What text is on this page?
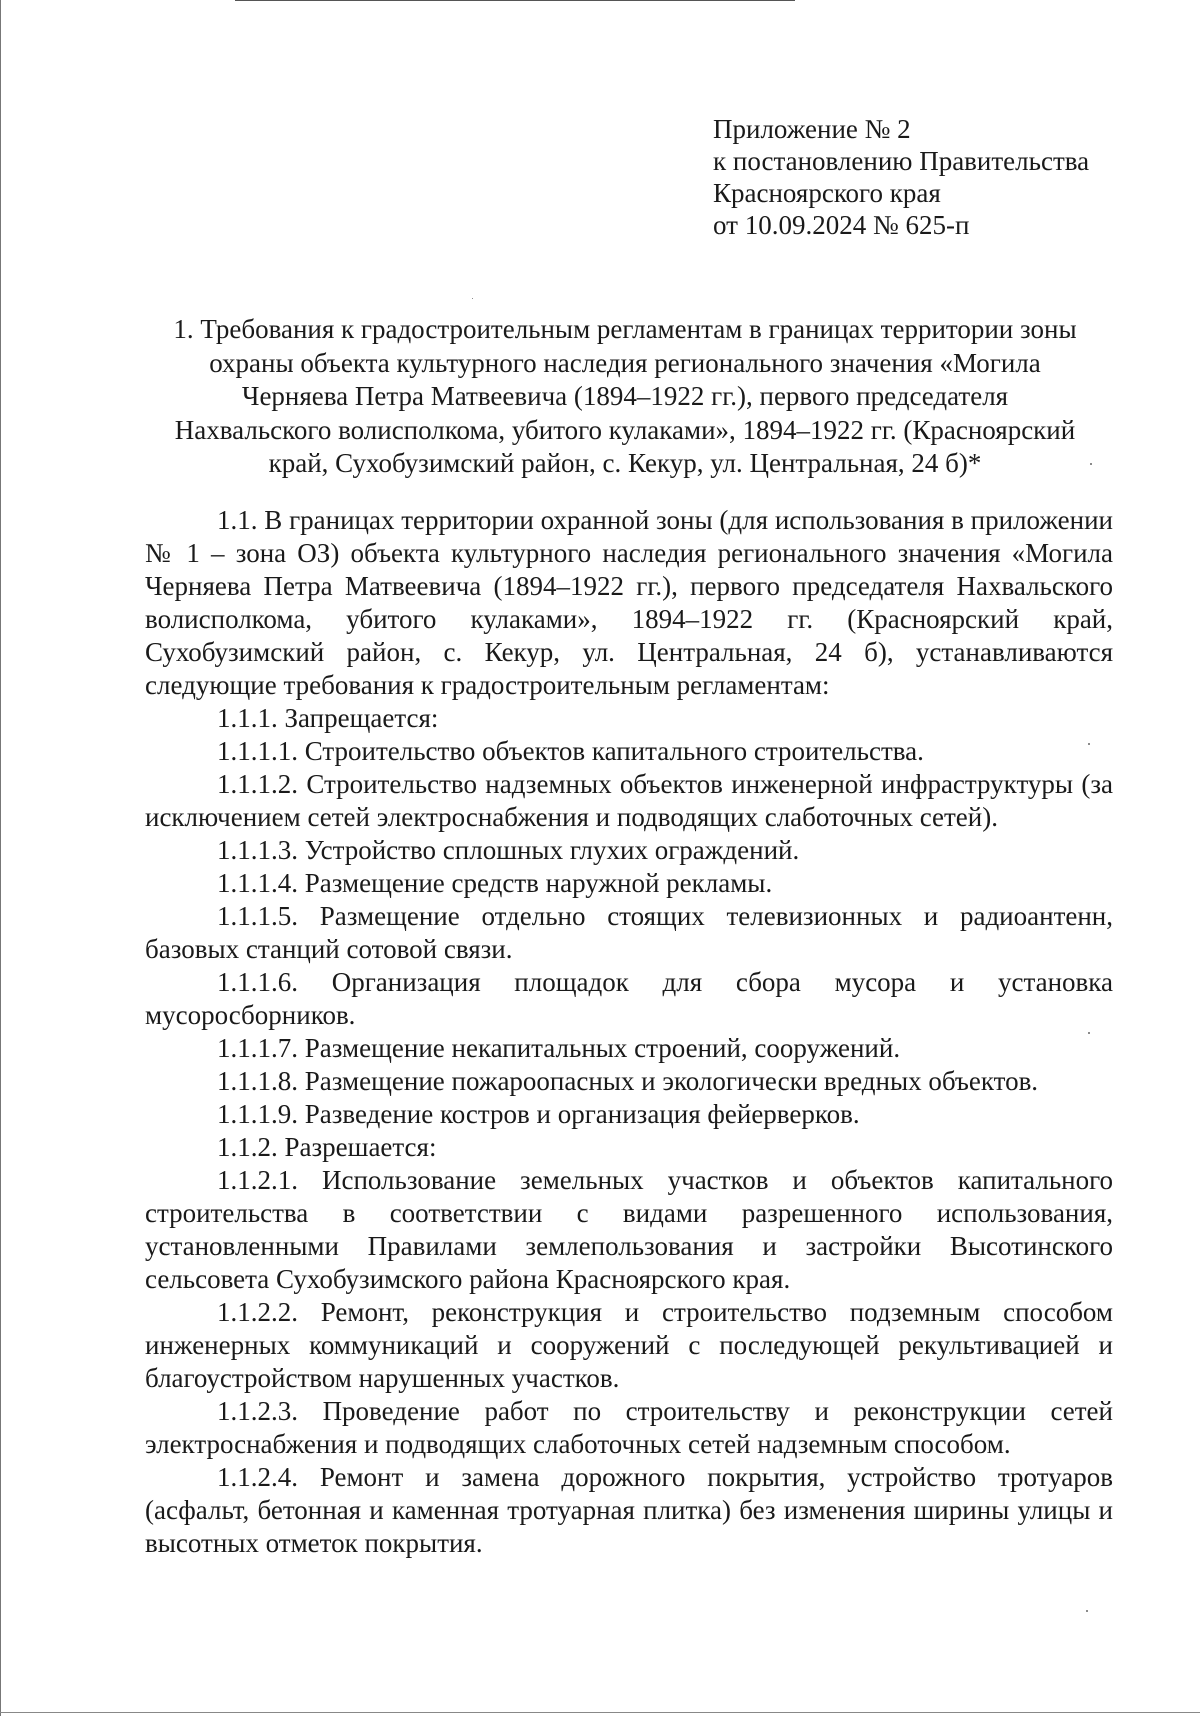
Приложение № 2
к постановлению Правительства
Красноярского края
от 10.09.2024 № 625-п
1. Требования к градостроительным регламентам в границах территории зоны
охраны объекта культурного наследия регионального значения «Могила
Черняева Петра Матвеевича (1894–1922 гг.), первого председателя
Нахвальского волисполкома, убитого кулаками», 1894–1922 гг. (Красноярский
край, Сухобузимский район, с. Кекур, ул. Центральная, 24 б)*

1.1. В границах территории охранной зоны (для использования в приложении № 1 – зона ОЗ) объекта культурного наследия регионального значения «Могила Черняева Петра Матвеевича (1894–1922 гг.), первого председателя Нахвальского волисполкома, убитого кулаками», 1894–1922 гг. (Красноярский край, Сухобузимский район, с. Кекур, ул. Центральная, 24 б), устанавливаются следующие требования к градостроительным регламентам:

1.1.1. Запрещается:

1.1.1.1. Строительство объектов капитального строительства.

1.1.1.2. Строительство надземных объектов инженерной инфраструктуры (за исключением сетей электроснабжения и подводящих слаботочных сетей).

1.1.1.3. Устройство сплошных глухих ограждений.

1.1.1.4. Размещение средств наружной рекламы.

1.1.1.5. Размещение отдельно стоящих телевизионных и радиоантенн, базовых станций сотовой связи.

1.1.1.6. Организация площадок для сбора мусора и установка мусоросборников.

1.1.1.7. Размещение некапитальных строений, сооружений.

1.1.1.8. Размещение пожароопасных и экологически вредных объектов.

1.1.1.9. Разведение костров и организация фейерверков.

1.1.2. Разрешается:

1.1.2.1. Использование земельных участков и объектов капитального строительства в соответствии с видами разрешенного использования, установленными Правилами землепользования и застройки Высотинского сельсовета Сухобузимского района Красноярского края.

1.1.2.2. Ремонт, реконструкция и строительство подземным способом инженерных коммуникаций и сооружений с последующей рекультивацией и благоустройством нарушенных участков.

1.1.2.3. Проведение работ по строительству и реконструкции сетей электроснабжения и подводящих слаботочных сетей надземным способом.

1.1.2.4. Ремонт и замена дорожного покрытия, устройство тротуаров (асфальт, бетонная и каменная тротуарная плитка) без изменения ширины улицы и высотных отметок покрытия.
